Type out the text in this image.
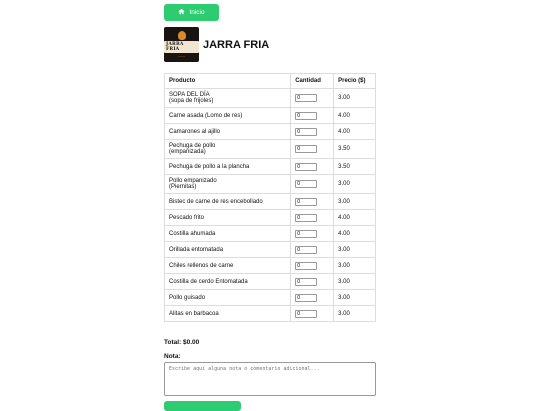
Inicio
JARRA FRIA
~~~~
JARRA FRIA
Producto	Cantidad	Precio ($)
SOPA DEL DÍA
(sopa de frijoles)	
0	3.00
Carne asada (Lomo de res)	
0	4.00
Camarones al ajillo	
0	4.00
Pechuga de pollo
(empanizada)	
0	3.50
Pechuga de pollo a la plancha	
0	3.50
Pollo empanizado
(Piernitas)	
0	3.00
Bistec de carne de res encebollado	
0	3.00
Pescado frito	
0	4.00
Costilla ahumada	
0	4.00
Orillada entomatada	
0	3.00
Chiles rellenos de carne	
0	3.00
Costilla de cerdo Entomatada	
0	3.00
Pollo guisado	
0	3.00
Alitas en barbacoa	
0	3.00
Total: $0.00
Nota:
Escribe aquí alguna nota o comentario adicional...
